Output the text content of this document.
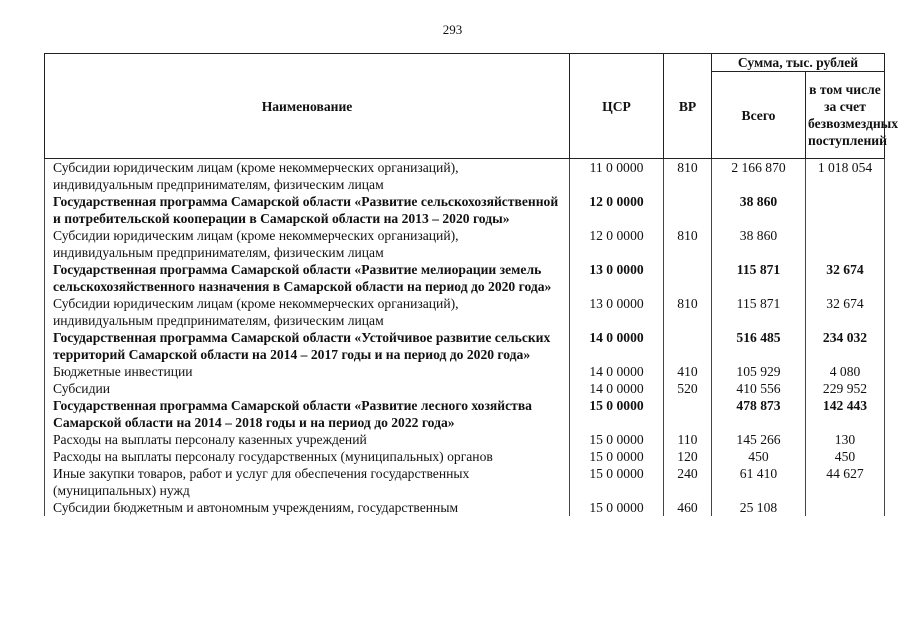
293
Наименование	ЦСР	ВР	Сумма, тыс. рублей	
			Всего	в том числе за счет безвозмездных поступлений
Субсидии юридическим лицам (кроме некоммерческих организаций), индивидуальным предпринимателям, физическим лицам	11 0 0000	810	2 166 870	1 018 054
Государственная программа Самарской области «Развитие сельскохозяйственной и потребительской кооперации в Самарской области на 2013 – 2020 годы»	12 0 0000		38 860	
Субсидии юридическим лицам (кроме некоммерческих организаций), индивидуальным предпринимателям, физическим лицам	12 0 0000	810	38 860	
Государственная программа Самарской области «Развитие мелиорации земель сельскохозяйственного назначения в Самарской области на период до 2020 года»	13 0 0000		115 871	32 674
Субсидии юридическим лицам (кроме некоммерческих организаций), индивидуальным предпринимателям, физическим лицам	13 0 0000	810	115 871	32 674
Государственная программа Самарской области «Устойчивое развитие сельских территорий Самарской области на 2014 – 2017 годы и на период до 2020 года»	14 0 0000		516 485	234 032
Бюджетные инвестиции	14 0 0000	410	105 929	4 080
Субсидии	14 0 0000	520	410 556	229 952
Государственная программа Самарской области «Развитие лесного хозяйства Самарской области на 2014 – 2018 годы и на период до 2022 года»	15 0 0000		478 873	142 443
Расходы на выплаты персоналу казенных учреждений	15 0 0000	110	145 266	130
Расходы на выплаты персоналу государственных (муниципальных) органов	15 0 0000	120	450	450
Иные закупки товаров, работ и услуг для обеспечения государственных (муниципальных) нужд	15 0 0000	240	61 410	44 627
Субсидии бюджетным и автономным учреждениям, государственным	15 0 0000	460	25 108	
